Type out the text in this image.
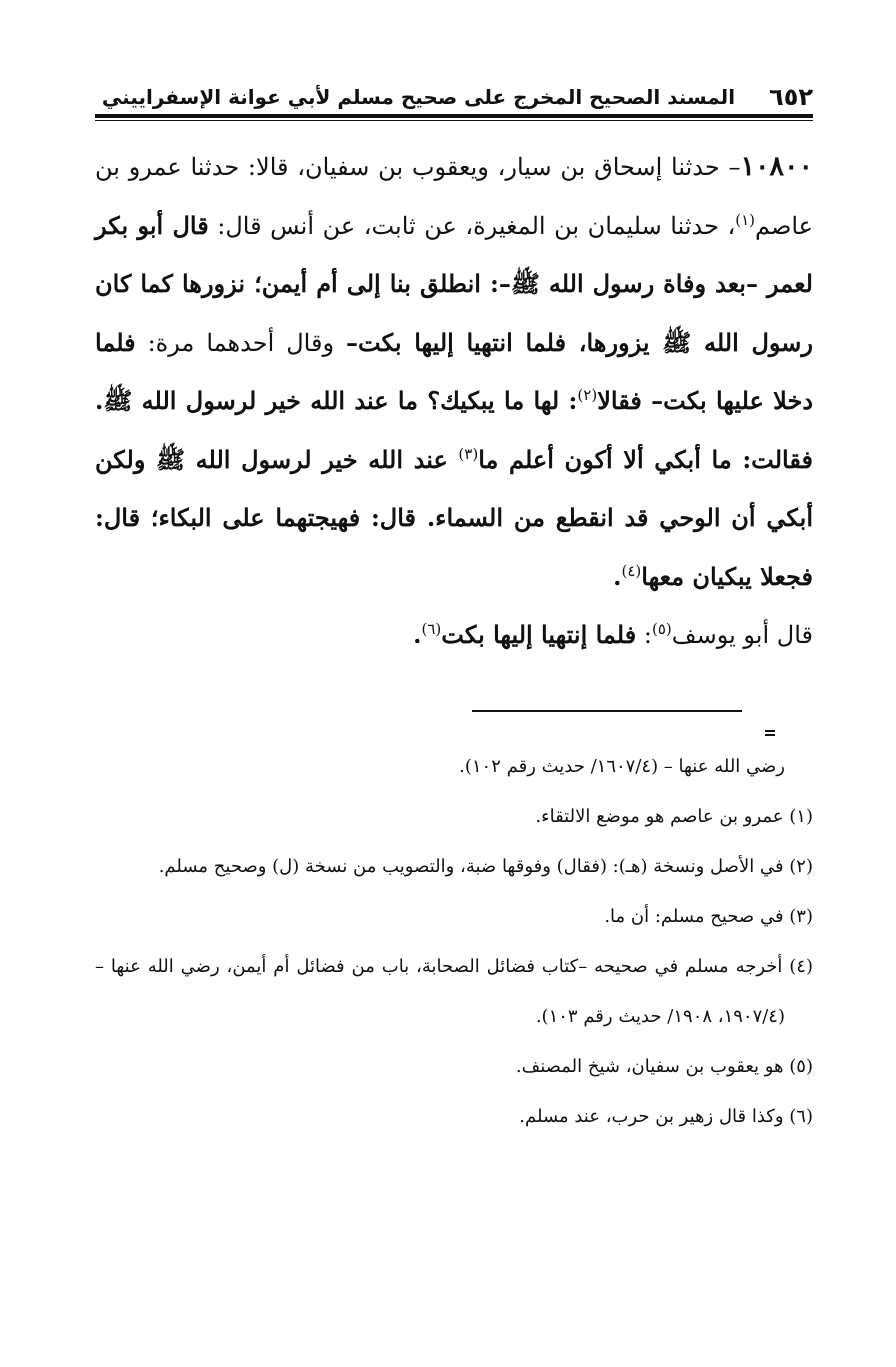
٦٥٢
المسند الصحيح المخرج على صحيح مسلم لأبي عوانة الإسفراييني

١٠٨٠٠– حدثنا إسحاق بن سيار، ويعقوب بن سفيان، قالا: حدثنا عمرو بن عاصم$^{(١)}$، حدثنا سليمان بن المغيرة، عن ثابت، عن أنس قال: قال أبو بكر لعمر –بعد وفاة رسول الله ﷺ–: انطلق بنا إلى أم أيمن؛ نزورها كما كان رسول الله ﷺ يزورها، فلما انتهيا إليها بكت– وقال أحدهما مرة: فلما دخلا عليها بكت– فقالا$^{(٢)}$: لها ما يبكيك؟ ما عند الله خير لرسول الله ﷺ. فقالت: ما أبكي ألا أكون أعلم ما$^{(٣)}$ عند الله خير لرسول الله ﷺ ولكن أبكي أن الوحي قد انقطع من السماء. قال: فهيجتهما على البكاء؛ قال: فجعلا يبكيان معها$^{(٤)}$.

قال أبو يوسف$^{(٥)}$: فلما إنتهيا إليها بكت$^{(٦)}$.

رضي الله عنها – (١٦٠٧/٤/ حديث رقم ١٠٢).

(١) عمرو بن عاصم هو موضع الالتقاء.

(٢) في الأصل ونسخة (هـ): (فقال) وفوقها ضبة، والتصويب من نسخة (ل) وصحيح مسلم.

(٣) في صحيح مسلم: أن ما.

(٤) أخرجه مسلم في صحيحه –كتاب فضائل الصحابة، باب من فضائل أم أيمن، رضي الله عنها – (١٩٠٧/٤، ١٩٠٨/ حديث رقم ١٠٣).

(٥) هو يعقوب بن سفيان، شيخ المصنف.

(٦) وكذا قال زهير بن حرب، عند مسلم.
